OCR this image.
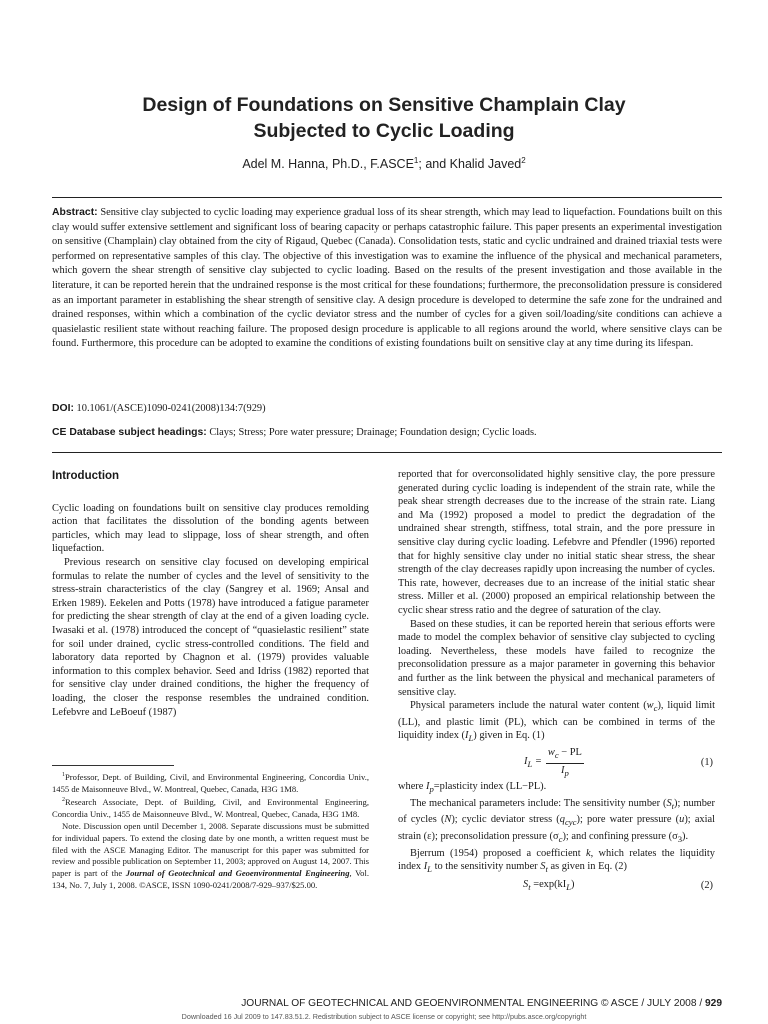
Design of Foundations on Sensitive Champlain Clay
Subjected to Cyclic Loading
Adel M. Hanna, Ph.D., F.ASCE$^1$; and Khalid Javed$^2$
Abstract: Sensitive clay subjected to cyclic loading may experience gradual loss of its shear strength, which may lead to liquefaction. Foundations built on this clay would suffer extensive settlement and significant loss of bearing capacity or perhaps catastrophic failure. This paper presents an experimental investigation on sensitive (Champlain) clay obtained from the city of Rigaud, Quebec (Canada). Consolidation tests, static and cyclic undrained and drained triaxial tests were performed on representative samples of this clay. The objective of this investigation was to examine the influence of the physical and mechanical parameters, which govern the shear strength of sensitive clay subjected to cyclic loading. Based on the results of the present investigation and those available in the literature, it can be reported herein that the undrained response is the most critical for these foundations; furthermore, the preconsolidation pressure is considered as an important parameter in establishing the shear strength of sensitive clay. A design procedure is developed to determine the safe zone for the undrained and drained responses, within which a combination of the cyclic deviator stress and the number of cycles for a given soil/loading/site conditions can achieve a quasielastic resilient state without reaching failure. The proposed design procedure is applicable to all regions around the world, where sensitive clays can be found. Furthermore, this procedure can be adopted to examine the conditions of existing foundations built on sensitive clay at any time during its lifespan.
DOI: 10.1061/(ASCE)1090-0241(2008)134:7(929)
CE Database subject headings: Clays; Stress; Pore water pressure; Drainage; Foundation design; Cyclic loads.
Introduction

Cyclic loading on foundations built on sensitive clay produces remolding action that facilitates the dissolution of the bonding agents between particles, which may lead to slippage, loss of shear strength, and often liquefaction.

Previous research on sensitive clay focused on developing empirical formulas to relate the number of cycles and the level of sensitivity to the stress-strain characteristics of the clay (Sangrey et al. 1969; Ansal and Erken 1989). Eekelen and Potts (1978) have introduced a fatigue parameter for predicting the shear strength of clay at the end of a given loading cycle. Iwasaki et al. (1978) introduced the concept of “quasielastic resilient” state for soil under drained, cyclic stress-controlled conditions. The field and laboratory data reported by Chagnon et al. (1979) provides valuable information to this complex behavior. Seed and Idriss (1982) reported that for sensitive clay under drained conditions, the higher the frequency of loading, the closer the response resembles the undrained condition. Lefebvre and LeBoeuf (1987)

$^1$Professor, Dept. of Building, Civil, and Environmental Engineering, Concordia Univ., 1455 de Maisonneuve Blvd., W. Montreal, Quebec, Canada, H3G 1M8.

$^2$Research Associate, Dept. of Building, Civil, and Environmental Engineering, Concordia Univ., 1455 de Maisonneuve Blvd., W. Montreal, Quebec, Canada, H3G 1M8.

Note. Discussion open until December 1, 2008. Separate discussions must be submitted for individual papers. To extend the closing date by one month, a written request must be filed with the ASCE Managing Editor. The manuscript for this paper was submitted for review and possible publication on September 11, 2003; approved on August 14, 2007. This paper is part of the Journal of Geotechnical and Geoenvironmental Engineering, Vol. 134, No. 7, July 1, 2008. ©ASCE, ISSN 1090-0241/2008/7-929–937/$25.00.

reported that for overconsolidated highly sensitive clay, the pore pressure generated during cyclic loading is independent of the strain rate, while the peak shear strength decreases due to the increase of the strain rate. Liang and Ma (1992) proposed a model to predict the degradation of the undrained shear strength, stiffness, total strain, and the pore pressure in sensitive clay during cyclic loading. Lefebvre and Pfendler (1996) reported that for highly sensitive clay under no initial static shear stress, the shear strength of the clay decreases rapidly upon increasing the number of cycles. This rate, however, decreases due to an increase of the initial static shear stress. Miller et al. (2000) proposed an empirical relationship between the cyclic shear stress ratio and the degree of saturation of the clay.

Based on these studies, it can be reported herein that serious efforts were made to model the complex behavior of sensitive clay subjected to cycling loading. Nevertheless, these models have failed to recognize the preconsolidation pressure as a major parameter in governing this behavior and further as the link between the physical and mechanical parameters of sensitive clay.

Physical parameters include the natural water content $(w_c)$, liquid limit (LL), and plastic limit (PL), which can be combined in terms of the liquidity index $(I_L)$ given in Eq. (1)

$I_L = \frac{w_c - PL}{I_p}$	(1)

where $I_p=plasticity$ index (LL−PL).

The mechanical parameters include: The sensitivity number $(S_t)$; number of cycles (N); cyclic deviator stress $(q_{cyc})$; pore water pressure (u); axial strain (ε); preconsolidation pressure $(\sigma_c)$; and confining pressure $(\sigma_3)$.

Bjerrum (1954) proposed a coefficient k, which relates the liquidity index $I_L$ to the sensitivity number $S_t$ as given in Eq. (2)

$S_t =\exp(kI_L)$	(2)
JOURNAL OF GEOTECHNICAL AND GEOENVIRONMENTAL ENGINEERING © ASCE / JULY 2008 / 929
Downloaded 16 Jul 2009 to 147.83.51.2. Redistribution subject to ASCE license or copyright; see http://pubs.asce.org/copyright
